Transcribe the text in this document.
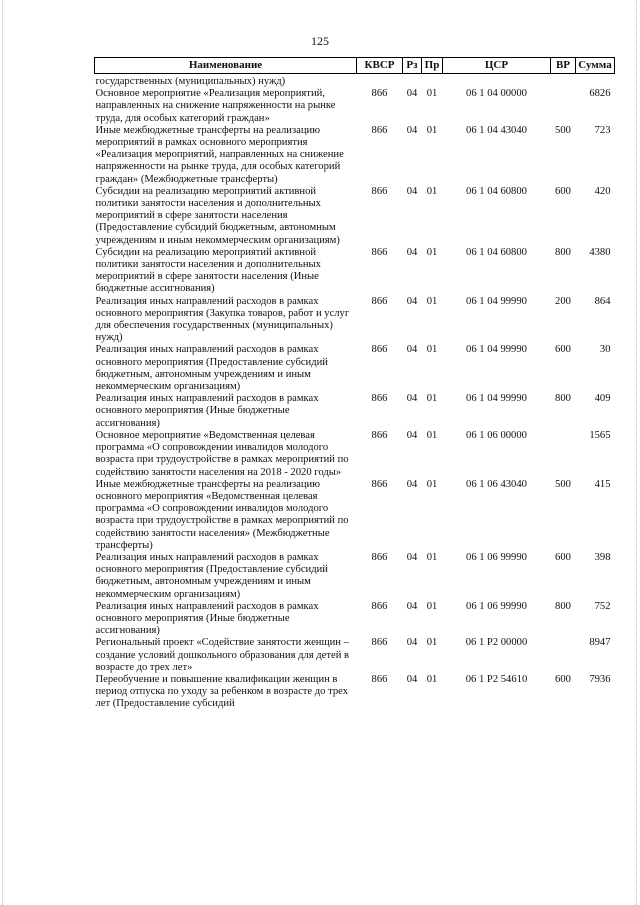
125
Наименование	КВСР	Рз	Пр	ЦСР	ВР	Сумма
государственных (муниципальных) нужд)						
Основное мероприятие «Реализация мероприятий, направленных на снижение напряженности на рынке труда, для особых категорий граждан»	866	04	01	06 1 04 00000		6826
Иные межбюджетные трансферты на реализацию мероприятий в рамках основного мероприятия «Реализация мероприятий, направленных на снижение напряженности на рынке труда, для особых категорий граждан» (Межбюджетные трансферты)	866	04	01	06 1 04 43040	500	723
Субсидии на реализацию мероприятий активной политики занятости населения и дополнительных мероприятий в сфере занятости населения (Предоставление субсидий бюджетным, автономным учреждениям и иным некоммерческим организациям)	866	04	01	06 1 04 60800	600	420
Субсидии на реализацию мероприятий активной политики занятости населения и дополнительных мероприятий в сфере занятости населения (Иные бюджетные ассигнования)	866	04	01	06 1 04 60800	800	4380
Реализация иных направлений расходов в рамках основного мероприятия (Закупка товаров, работ и услуг для обеспечения государственных (муниципальных) нужд)	866	04	01	06 1 04 99990	200	864
Реализация иных направлений расходов в рамках основного мероприятия (Предоставление субсидий бюджетным, автономным учреждениям и иным некоммерческим организациям)	866	04	01	06 1 04 99990	600	30
Реализация иных направлений расходов в рамках основного мероприятия (Иные бюджетные ассигнования)	866	04	01	06 1 04 99990	800	409
Основное мероприятие «Ведомственная целевая программа «О сопровождении инвалидов молодого возраста при трудоустройстве в рамках мероприятий по содействию занятости населения на 2018 - 2020 годы»	866	04	01	06 1 06 00000		1565
Иные межбюджетные трансферты на реализацию основного мероприятия «Ведомственная целевая программа «О сопровождении инвалидов молодого возраста при трудоустройстве в рамках мероприятий по содействию занятости населения» (Межбюджетные трансферты)	866	04	01	06 1 06 43040	500	415
Реализация иных направлений расходов в рамках основного мероприятия (Предоставление субсидий бюджетным, автономным учреждениям и иным некоммерческим организациям)	866	04	01	06 1 06 99990	600	398
Реализация иных направлений расходов в рамках основного мероприятия (Иные бюджетные ассигнования)	866	04	01	06 1 06 99990	800	752
Региональный проект «Содействие занятости женщин – создание условий дошкольного образования для детей в возрасте до трех лет»	866	04	01	06 1 P2 00000		8947
Переобучение и повышение квалификации женщин в период отпуска по уходу за ребенком в возрасте до трех лет (Предоставление субсидий	866	04	01	06 1 P2 54610	600	7936
